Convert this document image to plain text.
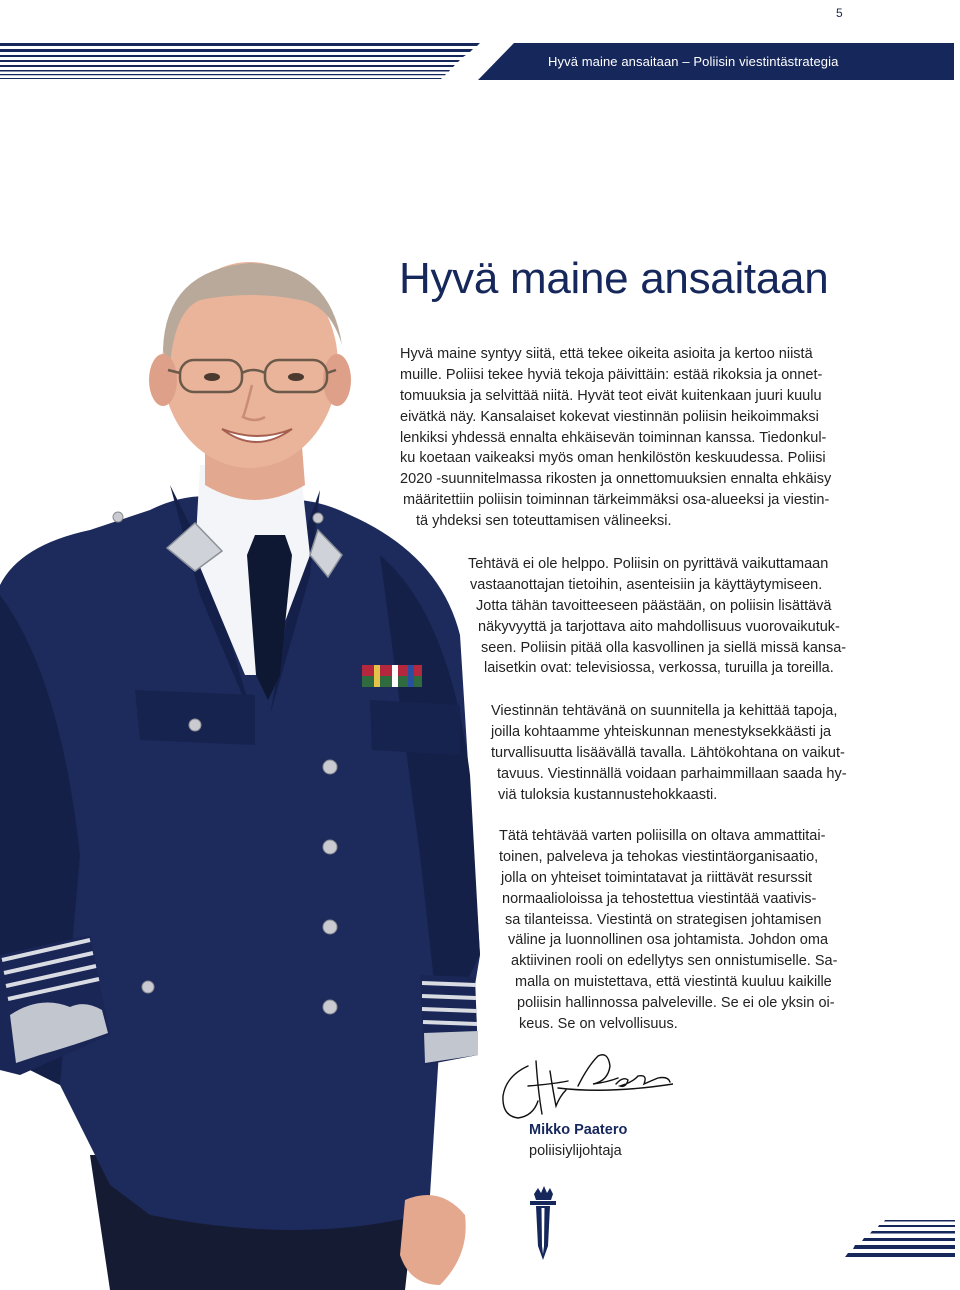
5
Hyvä maine ansaitaan – Poliisin viestintästrategia
Hyvä maine ansaitaan
Hyvä maine syntyy siitä, että tekee oikeita asioita ja kertoo niistä
muille. Poliisi tekee hyviä tekoja päivittäin: estää rikoksia ja onnet-
tomuuksia ja selvittää niitä. Hyvät teot eivät kuitenkaan juuri kuulu
eivätkä näy. Kansalaiset kokevat viestinnän poliisin heikoimmaksi
lenkiksi yhdessä ennalta ehkäisevän toiminnan kanssa. Tiedonkul-
ku koetaan vaikeaksi myös oman henkilöstön keskuudessa. Poliisi
2020 -suunnitelmassa rikosten ja onnettomuuksien ennalta ehkäisy
määritettiin poliisin toiminnan tärkeimmäksi osa-alueeksi ja viestin-
tä yhdeksi sen toteuttamisen välineeksi.
Tehtävä ei ole helppo. Poliisin on pyrittävä vaikuttamaan
vastaanottajan tietoihin, asenteisiin ja käyttäytymiseen.
Jotta tähän tavoitteeseen päästään, on poliisin lisättävä
näkyvyyttä ja tarjottava aito mahdollisuus vuorovaikutuk-
seen. Poliisin pitää olla kasvollinen ja siellä missä kansa-
laisetkin ovat: televisiossa, verkossa, turuilla ja toreilla.
Viestinnän tehtävänä on suunnitella ja kehittää tapoja,
joilla kohtaamme yhteiskunnan menestyksekkäästi ja
turvallisuutta lisäävällä tavalla. Lähtökohtana on vaikut-
tavuus. Viestinnällä voidaan parhaimmillaan saada hy-
viä tuloksia kustannustehokkaasti.
Tätä tehtävää varten poliisilla on oltava ammattitai-
toinen, palveleva ja tehokas viestintäorganisaatio,
jolla on yhteiset toimintatavat ja riittävät resurssit
normaalioloissa ja tehostettua viestintää vaativis-
sa tilanteissa. Viestintä on strategisen johtamisen
väline ja luonnollinen osa johtamista. Johdon oma
aktiivinen rooli on edellytys sen onnistumiselle. Sa-
malla on muistettava, että viestintä kuuluu kaikille
poliisin hallinnossa palveleville. Se ei ole yksin oi-
keus. Se on velvollisuus.
Mikko Paatero
poliisiylijohtaja
